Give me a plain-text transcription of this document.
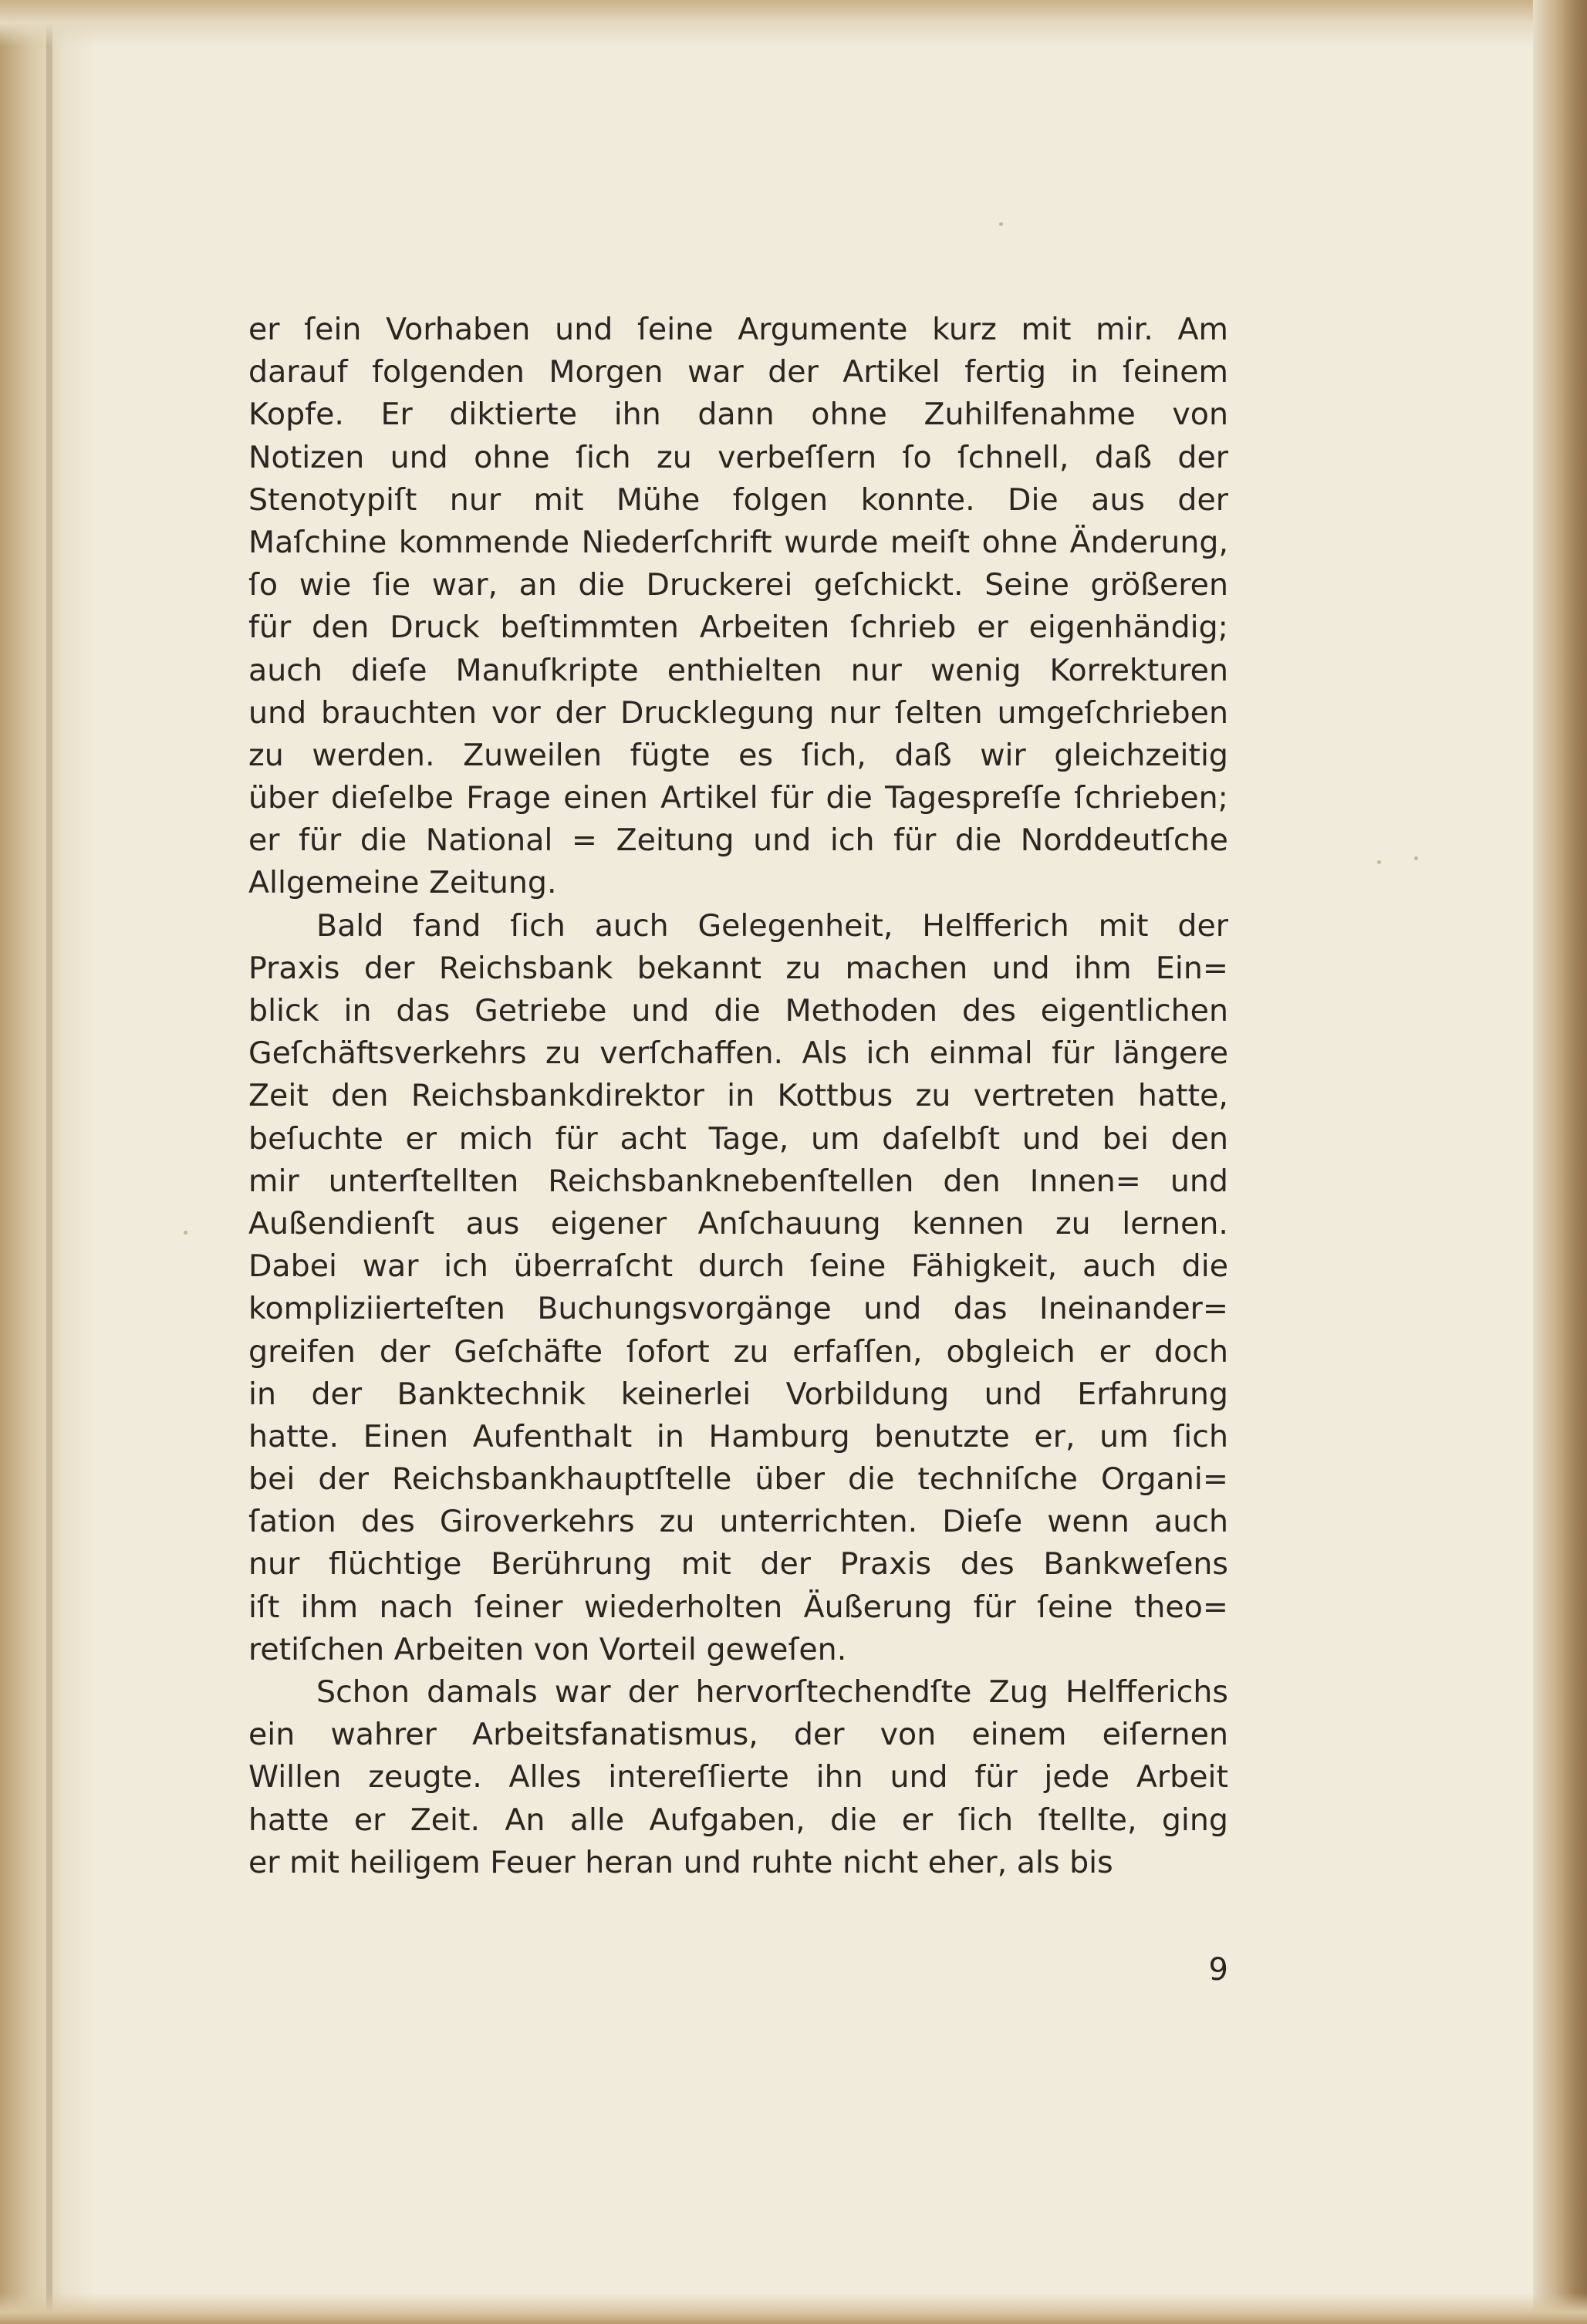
er ſein Vorhaben und ſeine Argumente kurz mit mir. Am
darauf folgenden Morgen war der Artikel fertig in ſeinem
Kopfe. Er diktierte ihn dann ohne Zuhilfenahme von
Notizen und ohne ſich zu verbeſſern ſo ſchnell, daß der
Stenotypiſt nur mit Mühe folgen konnte. Die aus der
Maſchine kommende Niederſchrift wurde meiſt ohne Änderung,
ſo wie ſie war, an die Druckerei geſchickt. Seine größeren
für den Druck beſtimmten Arbeiten ſchrieb er eigenhändig;
auch dieſe Manuſkripte enthielten nur wenig Korrekturen
und brauchten vor der Drucklegung nur ſelten umgeſchrieben
zu werden. Zuweilen fügte es ſich, daß wir gleichzeitig
über dieſelbe Frage einen Artikel für die Tagespreſſe ſchrieben;
er für die National = Zeitung und ich für die Norddeutſche
Allgemeine Zeitung.
Bald fand ſich auch Gelegenheit, Helfferich mit der
Praxis der Reichsbank bekannt zu machen und ihm Ein=
blick in das Getriebe und die Methoden des eigentlichen
Geſchäftsverkehrs zu verſchaffen. Als ich einmal für längere
Zeit den Reichsbankdirektor in Kottbus zu vertreten hatte,
beſuchte er mich für acht Tage, um daſelbſt und bei den
mir unterſtellten Reichsbanknebenſtellen den Innen= und
Außendienſt aus eigener Anſchauung kennen zu lernen.
Dabei war ich überraſcht durch ſeine Fähigkeit, auch die
kompliziierteſten Buchungsvorgänge und das Ineinander=
greifen der Geſchäfte ſofort zu erfaſſen, obgleich er doch
in der Banktechnik keinerlei Vorbildung und Erfahrung
hatte. Einen Aufenthalt in Hamburg benutzte er, um ſich
bei der Reichsbankhauptſtelle über die techniſche Organi=
ſation des Giroverkehrs zu unterrichten. Dieſe wenn auch
nur flüchtige Berührung mit der Praxis des Bankweſens
iſt ihm nach ſeiner wiederholten Äußerung für ſeine theo=
retiſchen Arbeiten von Vorteil geweſen.
Schon damals war der hervorſtechendſte Zug Helfferichs
ein wahrer Arbeitsfanatismus, der von einem eiſernen
Willen zeugte. Alles intereſſierte ihn und für jede Arbeit
hatte er Zeit. An alle Aufgaben, die er ſich ſtellte, ging
er mit heiligem Feuer heran und ruhte nicht eher, als bis
9
